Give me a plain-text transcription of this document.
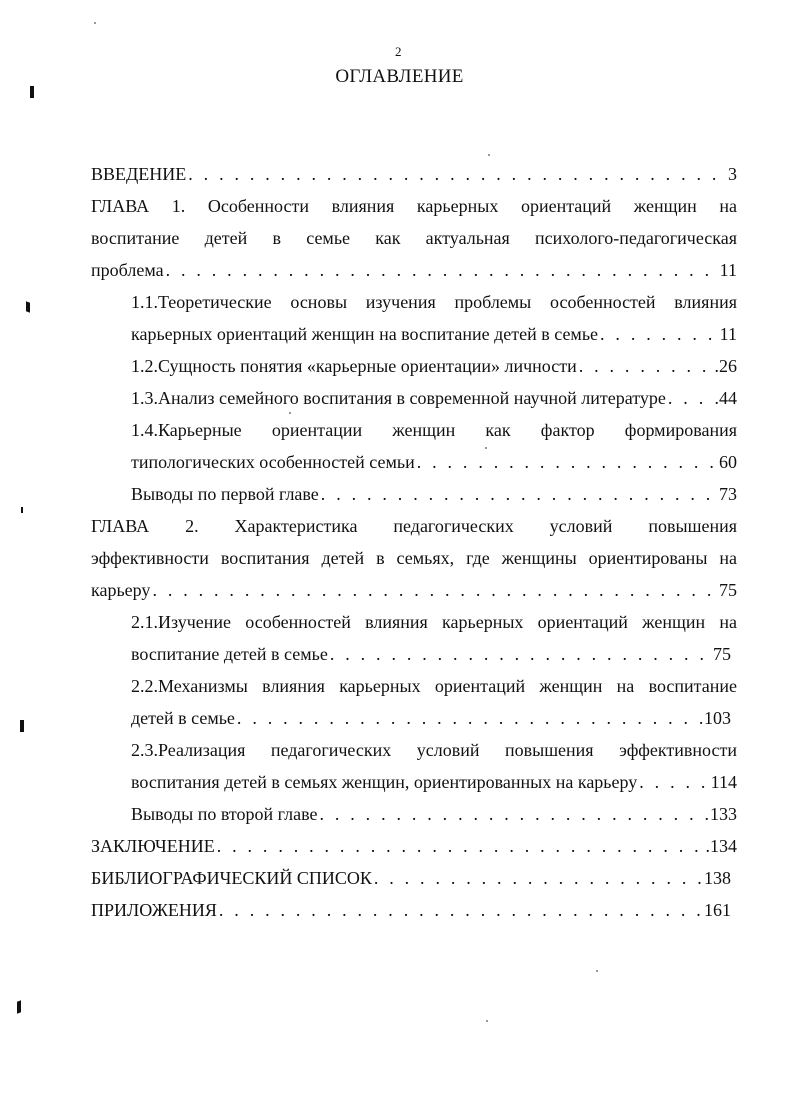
2
ОГЛАВЛЕНИЕ
ВВЕДЕНИЕ . . .	3
ГЛАВА 1. Особенности влияния карьерных ориентаций женщин на
воспитание детей в семье как актуальная психолого-педагогическая
проблема . . .	11
1.1.Теоретические основы изучения проблемы особенностей влияния
карьерных ориентаций женщин на воспитание детей в семье . . .	11
1.2.Сущность понятия «карьерные ориентации» личности . . .	.26
1.3.Анализ семейного воспитания в современной научной литературе . . .	.44
1.4.Карьерные ориентации женщин как фактор формирования
типологических особенностей семьи . . .	60
Выводы по первой главе . . .	73
ГЛАВА 2. Характеристика педагогических условий повышения
эффективности воспитания детей в семьях, где женщины ориентированы на
карьеру . . .	75
2.1.Изучение особенностей влияния карьерных ориентаций женщин на
воспитание детей в семье . . .	75
2.2.Механизмы влияния карьерных ориентаций женщин на воспитание
детей в семье . . .	103
2.3.Реализация педагогических условий повышения эффективности
воспитания детей в семьях женщин, ориентированных на карьеру . . .	114
Выводы по второй главе . . .	133
ЗАКЛЮЧЕНИЕ . . .	.134
БИБЛИОГРАФИЧЕСКИЙ СПИСОК . . .	138
ПРИЛОЖЕНИЯ . . .	161
